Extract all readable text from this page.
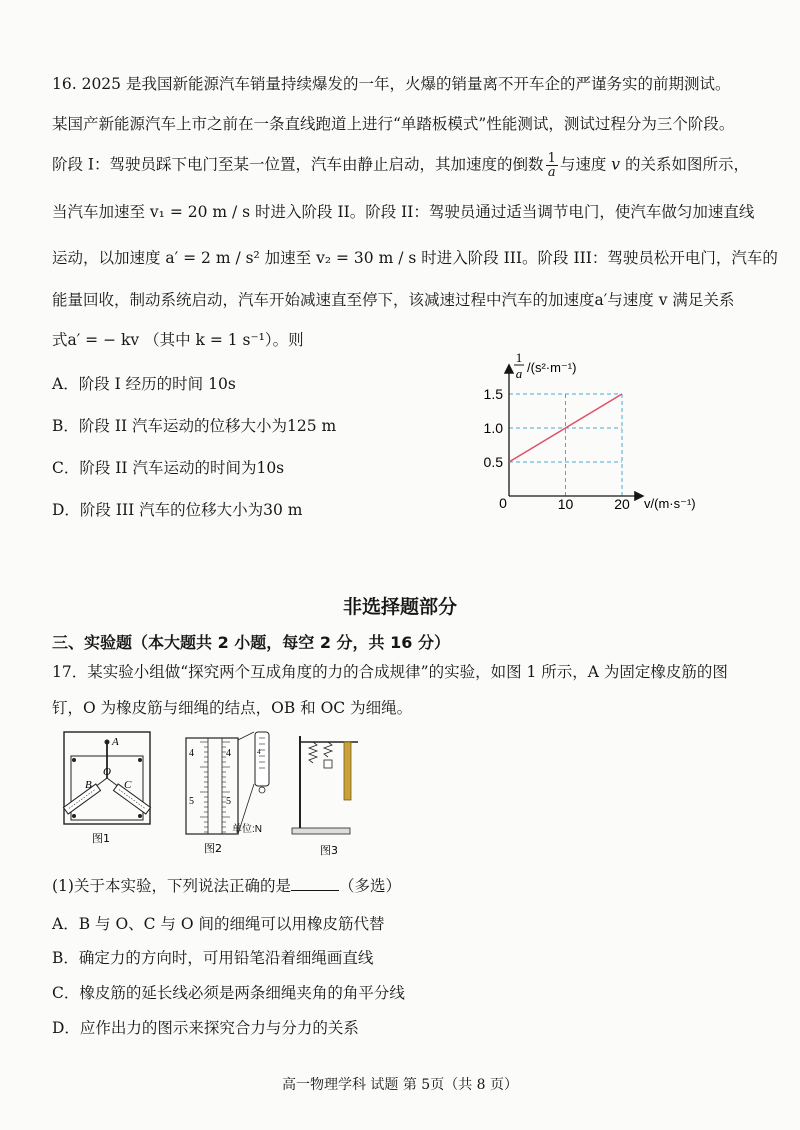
16. 2025 是我国新能源汽车销量持续爆发的一年，火爆的销量离不开车企的严谨务实的前期测试。
某国产新能源汽车上市之前在一条直线跑道上进行“单踏板模式”性能测试，测试过程分为三个阶段。
阶段 I：驾驶员踩下电门至某一位置，汽车由静止启动，其加速度的倒数 $\frac{1}{a}$ 与速度 v 的关系如图所示，
当汽车加速至 v₁ = 20 m / s 时进入阶段 II。阶段 II：驾驶员通过适当调节电门，使汽车做匀加速直线
运动，以加速度 a′ = 2 m / s² 加速至 v₂ = 30 m / s 时进入阶段 III。阶段 III：驾驶员松开电门，汽车的
能量回收，制动系统启动，汽车开始减速直至停下，该减速过程中汽车的加速度a′与速度 v 满足关系
式a′ = − kv （其中 k = 1 s⁻¹）。则
A．阶段 I 经历的时间 10s
B．阶段 II 汽车运动的位移大小为125 m
C．阶段 II 汽车运动的时间为10s
D．阶段 III 汽车的位移大小为30 m
1
a /(s²·m⁻¹)
0
0.5
1.0
1.5
10	20 v/(m·s⁻¹)
非选择题部分
三、实验题（本大题共 2 小题，每空 2 分，共 16 分）
17．某实验小组做“探究两个互成角度的力的合成规律”的实验，如图 1 所示，A 为固定橡皮筋的图
钉，O 为橡皮筋与细绳的结点，OB 和 OC 为细绳。
A
B
O
C
图1
4
5
4
5
4
单位:N
图2	图3
(1)关于本实验，下列说法正确的是	（多选）
A．B 与 O、C 与 O 间的细绳可以用橡皮筋代替
B．确定力的方向时，可用铅笔沿着细绳画直线
C．橡皮筋的延长线必须是两条细绳夹角的角平分线
D．应作出力的图示来探究合力与分力的关系
高一物理学科 试题 第 5页（共 8 页）
